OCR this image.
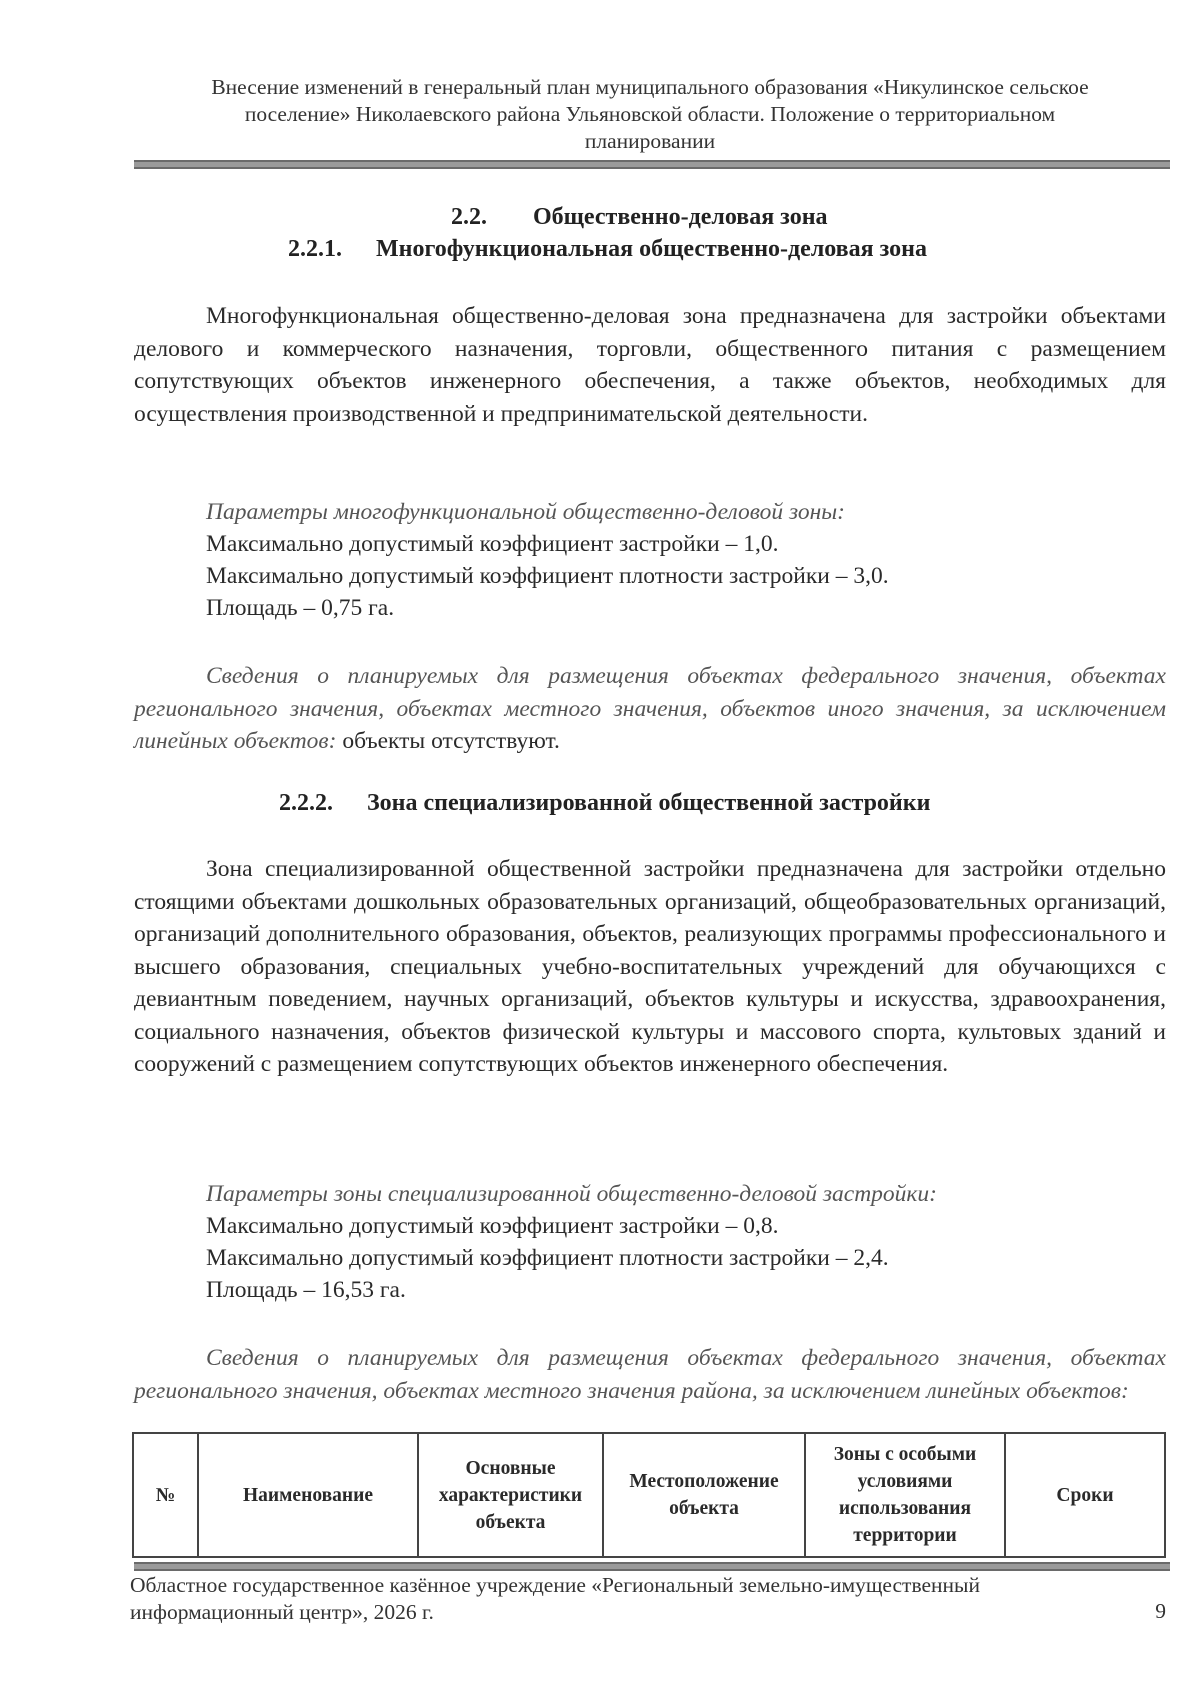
Внесение изменений в генеральный план муниципального образования «Никулинское сельское
поселение» Николаевского района Ульяновской области. Положение о территориальном
планировании
2.2. Общественно-деловая зона
2.2.1. Многофункциональная общественно-деловая зона
Многофункциональная общественно-деловая зона предназначена для застройки объектами делового и коммерческого назначения, торговли, общественного питания с размещением сопутствующих объектов инженерного обеспечения, а также объектов, необходимых для осуществления производственной и предпринимательской деятельности.
Параметры многофункциональной общественно-деловой зоны:
Максимально допустимый коэффициент застройки – 1,0.
Максимально допустимый коэффициент плотности застройки – 3,0.
Площадь – 0,75 га.
Сведения о планируемых для размещения объектах федерального значения, объектах регионального значения, объектах местного значения, объектов иного значения, за исключением линейных объектов: объекты отсутствуют.
2.2.2. Зона специализированной общественной застройки
Зона специализированной общественной застройки предназначена для застройки отдельно стоящими объектами дошкольных образовательных организаций, общеобразовательных организаций, организаций дополнительного образования, объектов, реализующих программы профессионального и высшего образования, специальных учебно-воспитательных учреждений для обучающихся с девиантным поведением, научных организаций, объектов культуры и искусства, здравоохранения, социального назначения, объектов физической культуры и массового спорта, культовых зданий и сооружений с размещением сопутствующих объектов инженерного обеспечения.
Параметры зоны специализированной общественно-деловой застройки:
Максимально допустимый коэффициент застройки – 0,8.
Максимально допустимый коэффициент плотности застройки – 2,4.
Площадь – 16,53 га.
Сведения о планируемых для размещения объектах федерального значения, объектах регионального значения, объектах местного значения района, за исключением линейных объектов:
№	Наименование	Основные характеристики объекта	Местоположение объекта	Зоны с особыми условиями использования территории	Сроки
Областное государственное казённое учреждение «Региональный земельно-имущественный
информационный центр», 2026 г.	9
